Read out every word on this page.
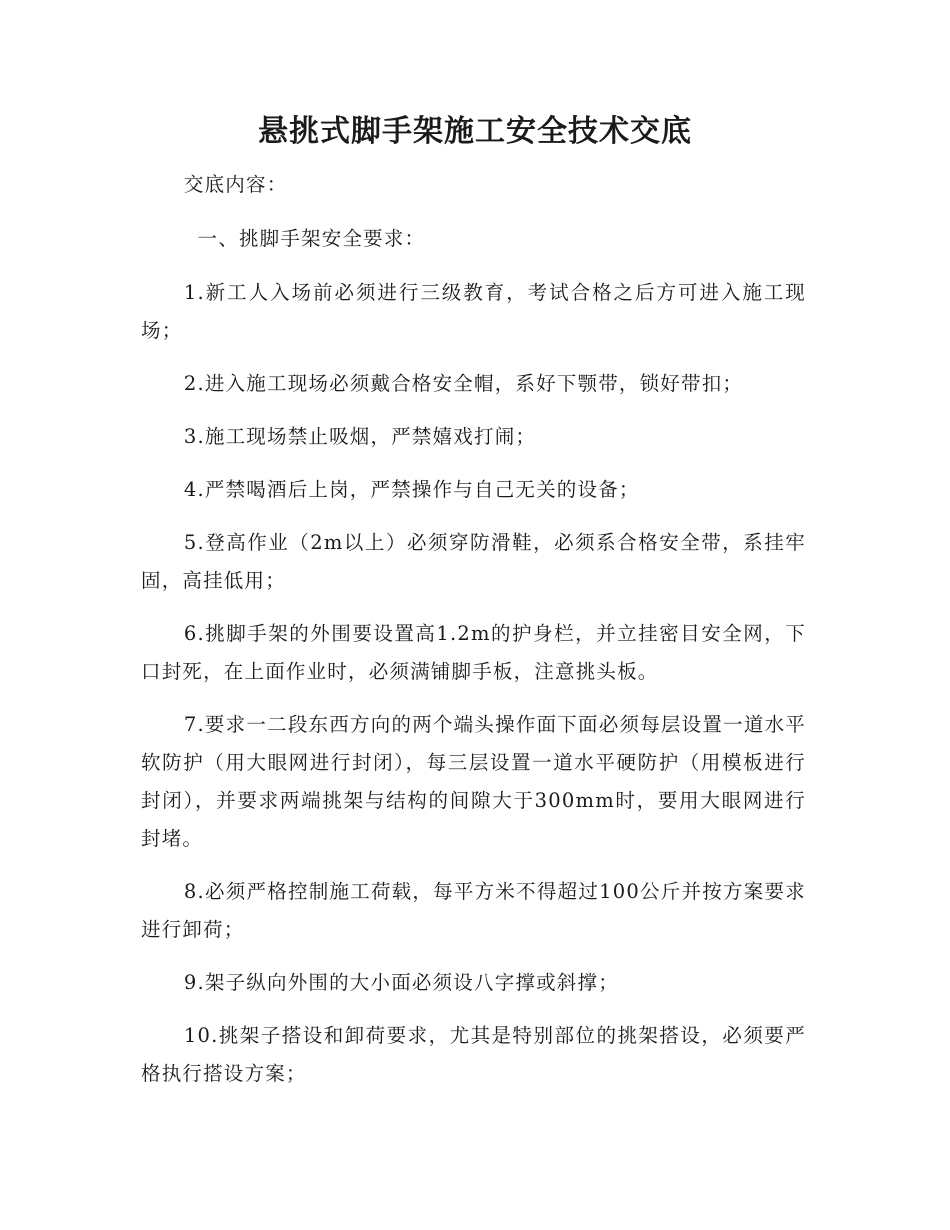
悬挑式脚手架施工安全技术交底

交底内容：

一、挑脚手架安全要求：

1.新工人入场前必须进行三级教育，考试合格之后方可进入施工现场；

2.进入施工现场必须戴合格安全帽，系好下颚带，锁好带扣；

3.施工现场禁止吸烟，严禁嬉戏打闹；

4.严禁喝酒后上岗，严禁操作与自己无关的设备；

5.登高作业（2m以上）必须穿防滑鞋，必须系合格安全带，系挂牢固，高挂低用；

6.挑脚手架的外围要设置高1.2m的护身栏，并立挂密目安全网，下口封死，在上面作业时，必须满铺脚手板，注意挑头板。

7.要求一二段东西方向的两个端头操作面下面必须每层设置一道水平软防护（用大眼网进行封闭），每三层设置一道水平硬防护（用模板进行封闭），并要求两端挑架与结构的间隙大于300mm时，要用大眼网进行封堵。

8.必须严格控制施工荷载，每平方米不得超过100公斤并按方案要求进行卸荷；

9.架子纵向外围的大小面必须设八字撑或斜撑；

10.挑架子搭设和卸荷要求，尤其是特别部位的挑架搭设，必须要严格执行搭设方案；
